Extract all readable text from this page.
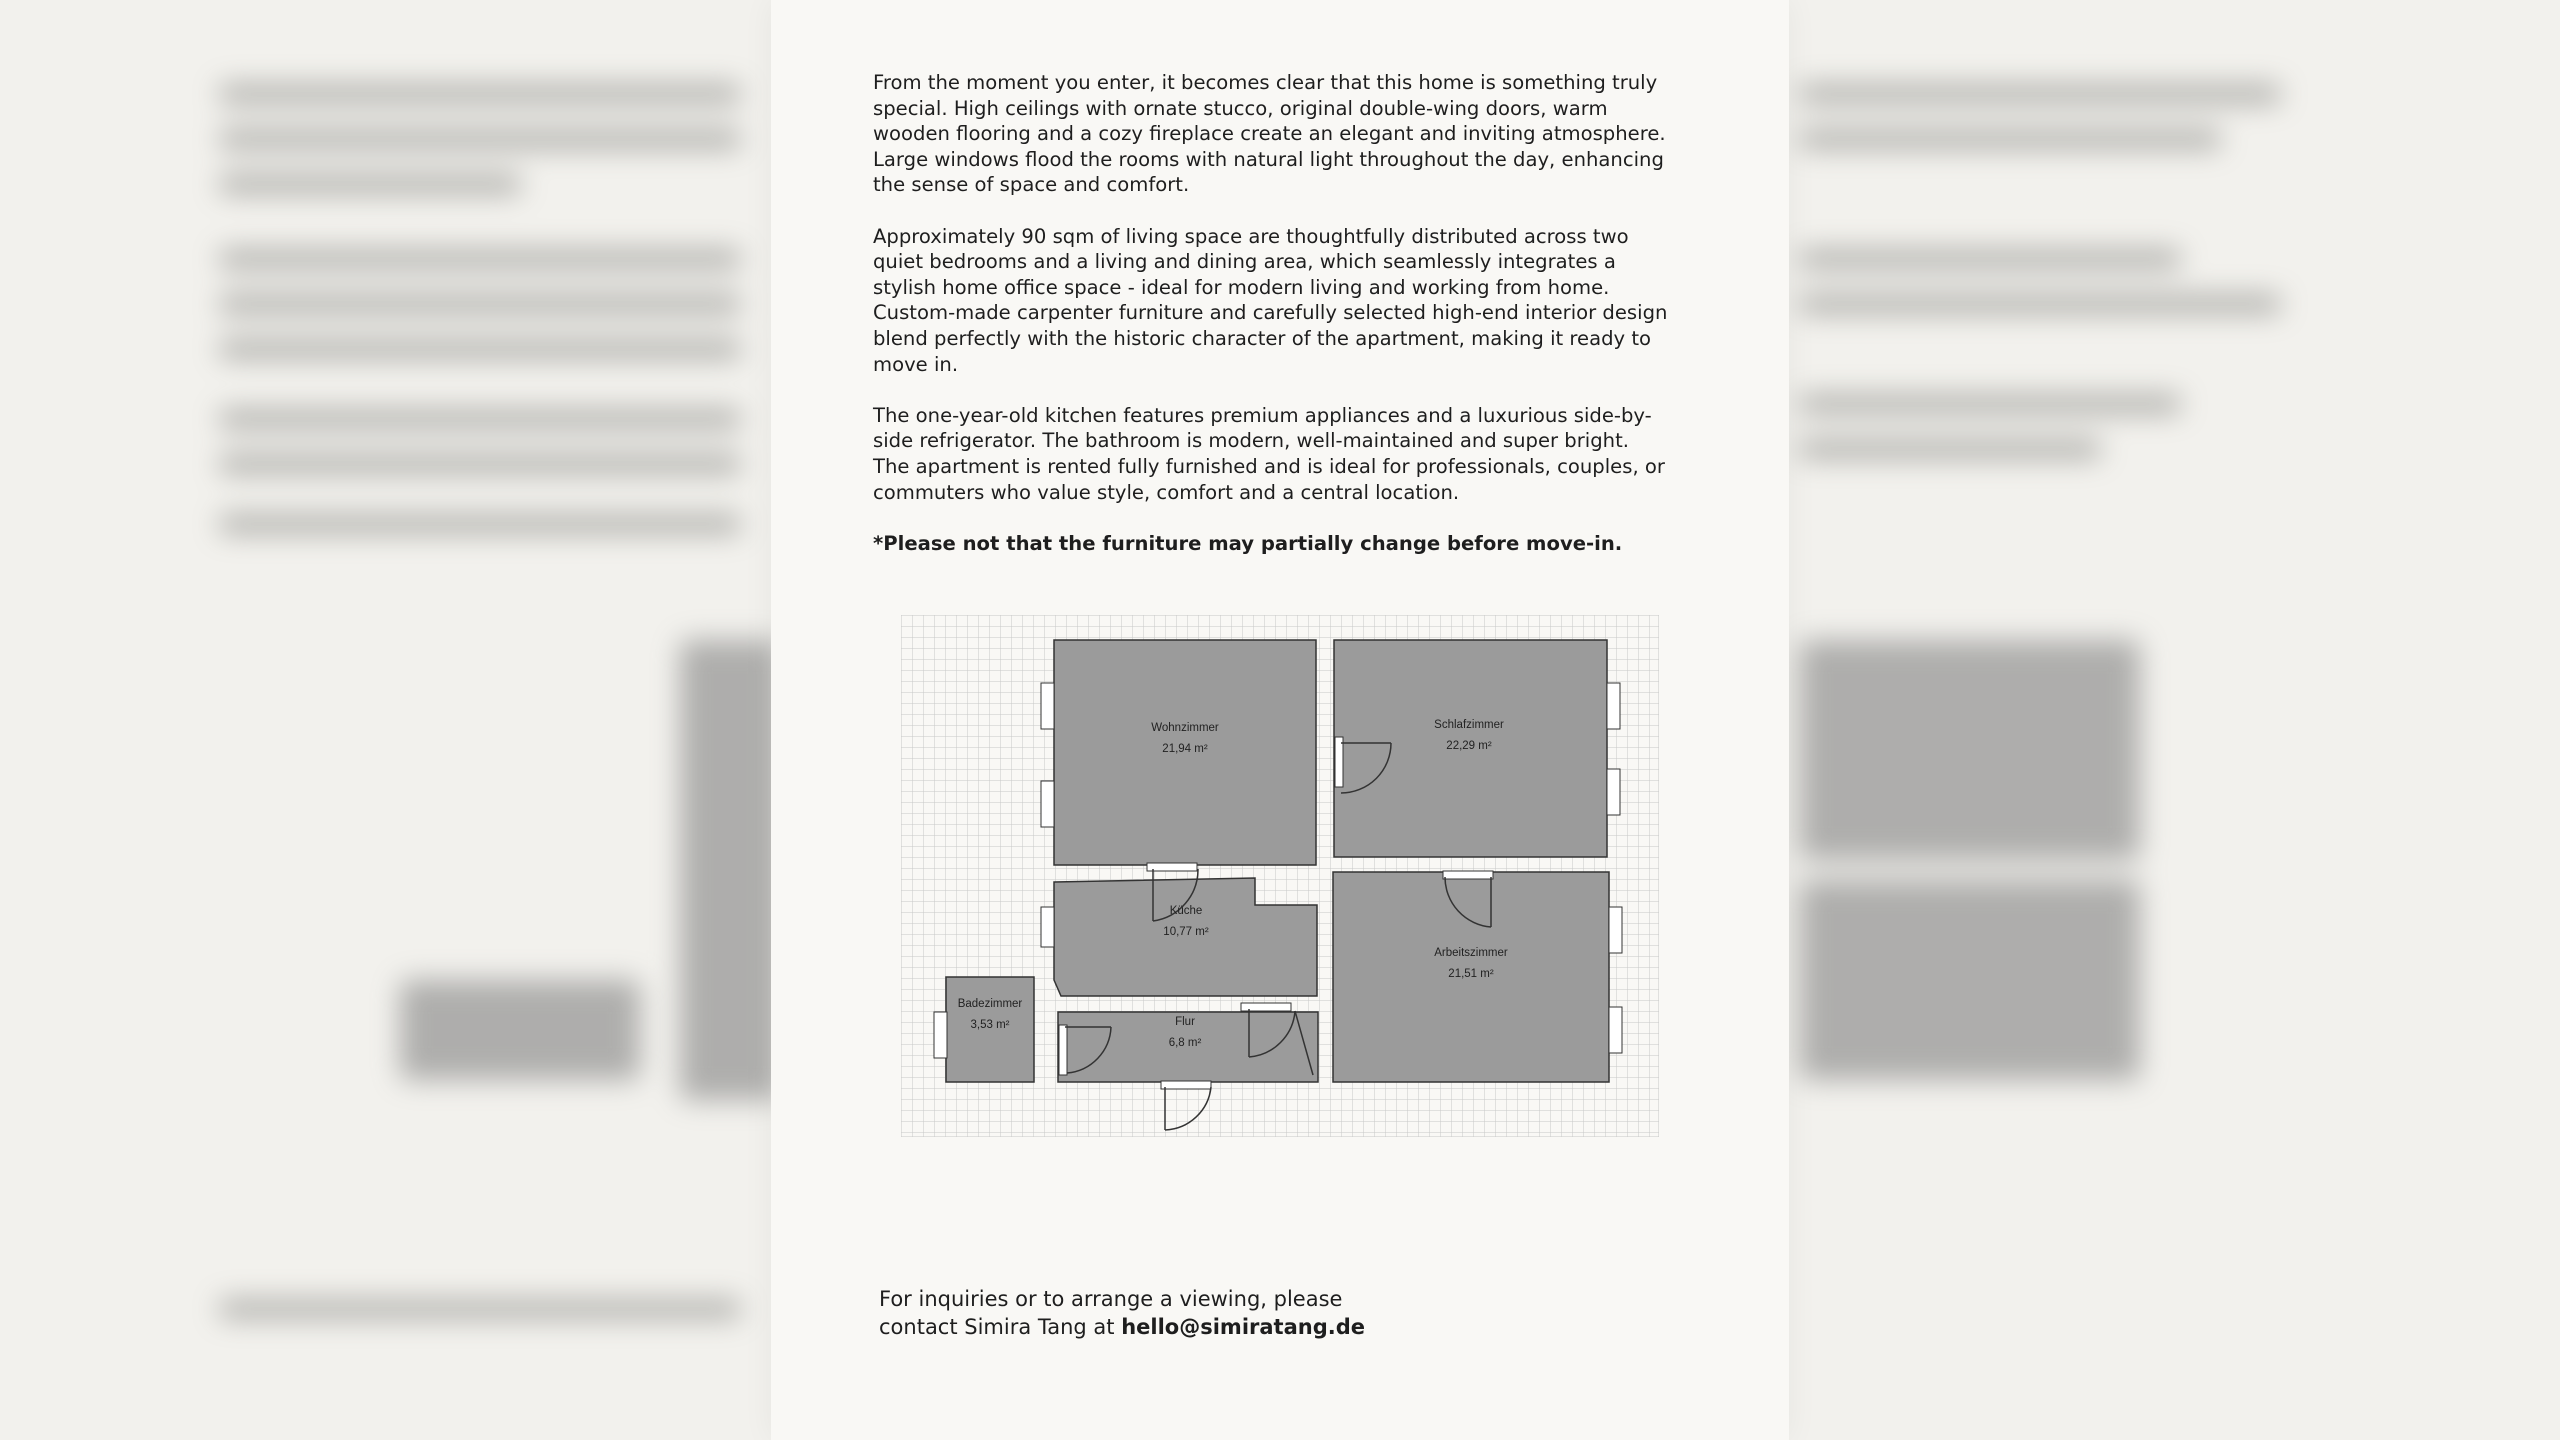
From the moment you enter, it becomes clear that this home is something truly special. High ceilings with ornate stucco, original double-wing doors, warm wooden flooring and a cozy fireplace create an elegant and inviting atmosphere. Large windows flood the rooms with natural light throughout the day, enhancing the sense of space and comfort.

Approximately 90 sqm of living space are thoughtfully distributed across two quiet bedrooms and a living and dining area, which seamlessly integrates a stylish home office space - ideal for modern living and working from home. Custom-made carpenter furniture and carefully selected high-end interior design blend perfectly with the historic character of the apartment, making it ready to move in.

The one-year-old kitchen features premium appliances and a luxurious side-by-side refrigerator. The bathroom is modern, well-maintained and super bright.
The apartment is rented fully furnished and is ideal for professionals, couples, or commuters who value style, comfort and a central location.

*Please not that the furniture may partially change before move-in.

Wohnzimmer
21,94 m²
Schlafzimmer
22,29 m²
Küche
10,77 m²
Arbeitszimmer
21,51 m²
Badezimmer
3,53 m²	Flur
6,8 m²
For inquiries or to arrange a viewing, please
contact Simira Tang at hello@simiratang.de
